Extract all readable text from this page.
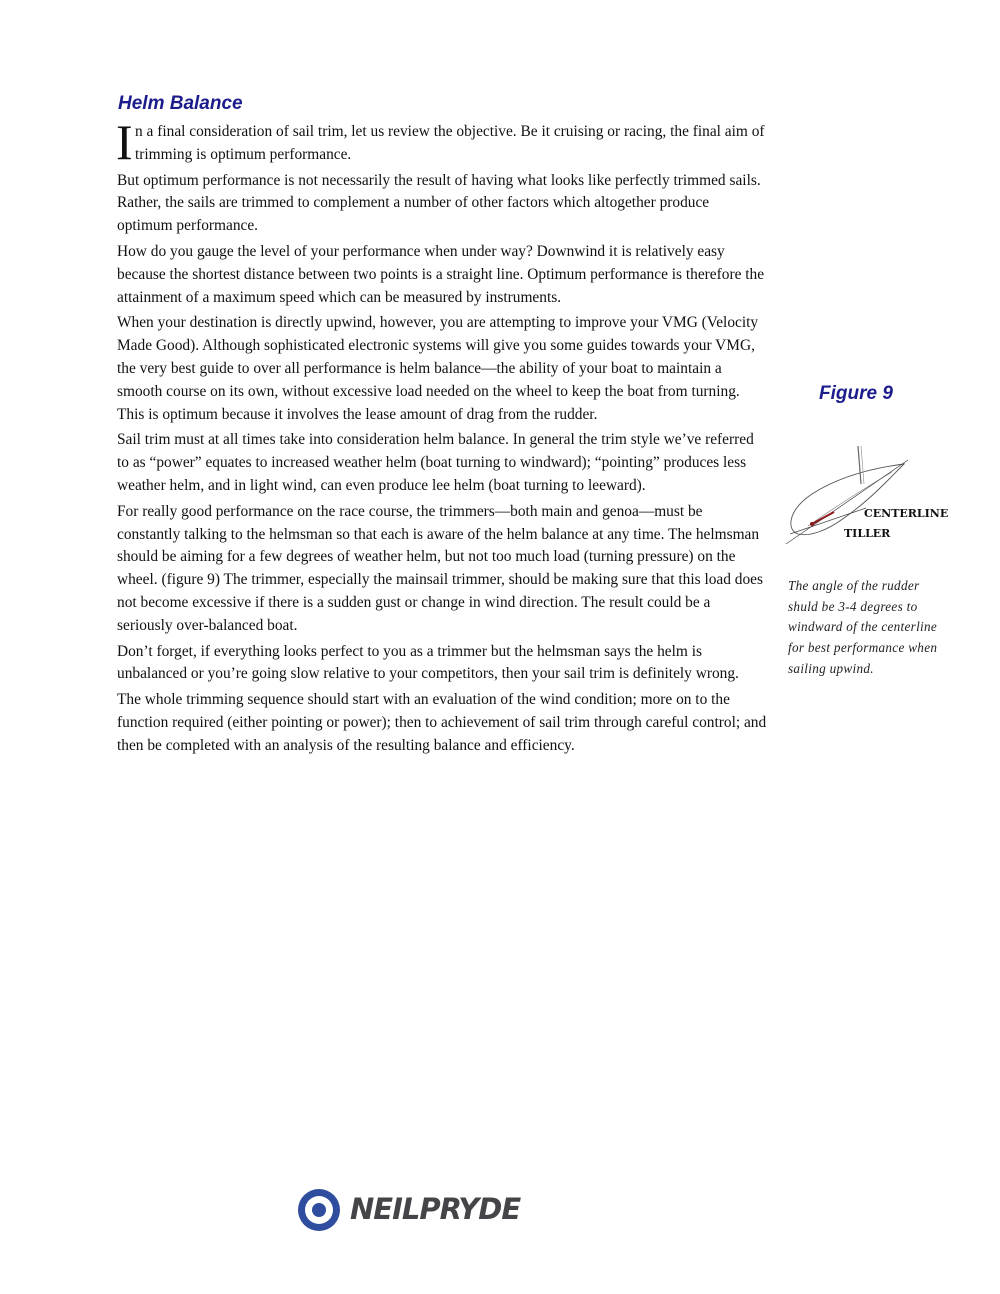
Helm Balance

I n a final consideration of sail trim, let us review the objective. Be it cruising or racing, the final aim of trimming is optimum performance.

But optimum performance is not necessarily the result of having what looks like perfectly trimmed sails. Rather, the sails are trimmed to complement a number of other factors which altogether produce optimum performance.

How do you gauge the level of your performance when under way? Downwind it is relatively easy because the shortest distance between two points is a straight line. Optimum performance is therefore the attainment of a maximum speed which can be measured by instruments.

When your destination is directly upwind, however, you are attempting to improve your VMG (Velocity Made Good). Although sophisticated electronic systems will give you some guides towards your VMG, the very best guide to over all performance is helm balance—the ability of your boat to maintain a smooth course on its own, without excessive load needed on the wheel to keep the boat from turning. This is optimum because it involves the lease amount of drag from the rudder.

Sail trim must at all times take into consideration helm balance. In general the trim style we’ve referred to as “power” equates to increased weather helm (boat turning to windward); “pointing” produces less weather helm, and in light wind, can even produce lee helm (boat turning to leeward).

For really good performance on the race course, the trimmers—both main and genoa—must be constantly talking to the helmsman so that each is aware of the helm balance at any time. The helmsman should be aiming for a few degrees of weather helm, but not too much load (turning pressure) on the wheel. (figure 9) The trimmer, especially the mainsail trimmer, should be making sure that this load does not become excessive if there is a sudden gust or change in wind direction. The result could be a seriously over-balanced boat.

Don’t forget, if everything looks perfect to you as a trimmer but the helmsman says the helm is unbalanced or you’re going slow relative to your competitors, then your sail trim is definitely wrong.

The whole trimming sequence should start with an evaluation of the wind condition; more on to the function required (either pointing or power); then to achievement of sail trim through careful control; and then be completed with an analysis of the resulting balance and efficiency.

Figure 9
CENTERLINE
TILLER
The angle of the rudder shuld be 3-4 degrees to windward of the centerline for best performance when sailing upwind.
NEILPRYDE
